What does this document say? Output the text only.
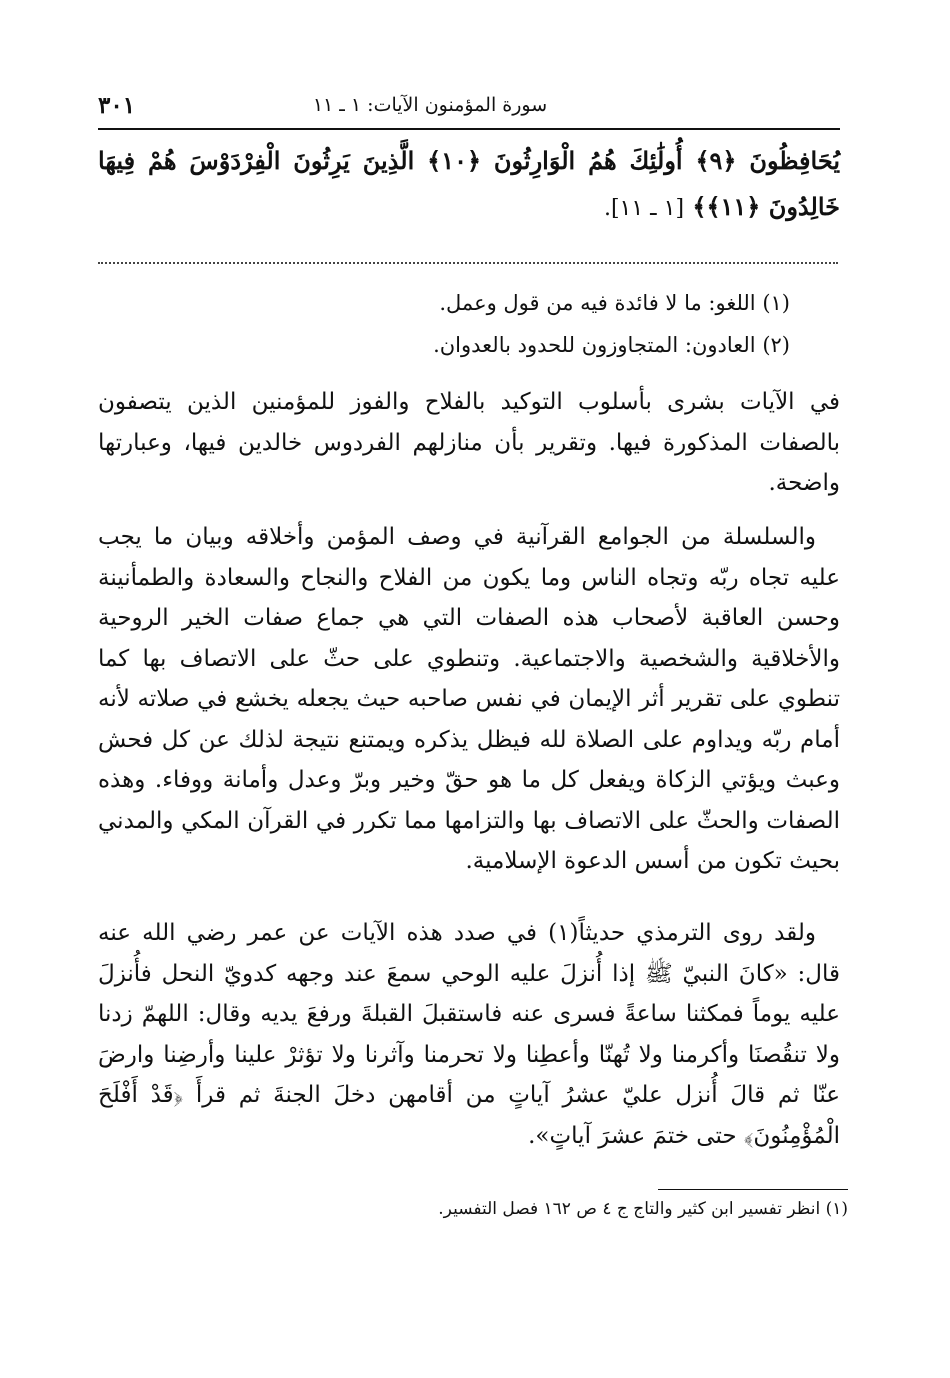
سورة المؤمنون الآيات: ١ ـ ١١
٣٠١
يُحَافِظُونَ ﴿٩﴾ أُولَٰئِكَ هُمُ الْوَارِثُونَ ﴿١٠﴾ الَّذِينَ يَرِثُونَ الْفِرْدَوْسَ هُمْ فِيهَا خَالِدُونَ ﴿١١﴾﴾ [١ ـ ١١].
(١) اللغو: ما لا فائدة فيه من قول وعمل.
(٢) العادون: المتجاوزون للحدود بالعدوان.
في الآيات بشرى بأسلوب التوكيد بالفلاح والفوز للمؤمنين الذين يتصفون بالصفات المذكورة فيها. وتقرير بأن منازلهم الفردوس خالدين فيها، وعبارتها واضحة.
والسلسلة من الجوامع القرآنية في وصف المؤمن وأخلاقه وبيان ما يجب عليه تجاه ربّه وتجاه الناس وما يكون من الفلاح والنجاح والسعادة والطمأنينة وحسن العاقبة لأصحاب هذه الصفات التي هي جماع صفات الخير الروحية والأخلاقية والشخصية والاجتماعية. وتنطوي على حثّ على الاتصاف بها كما تنطوي على تقرير أثر الإيمان في نفس صاحبه حيث يجعله يخشع في صلاته لأنه أمام ربّه ويداوم على الصلاة لله فيظل يذكره ويمتنع نتيجة لذلك عن كل فحش وعبث ويؤتي الزكاة ويفعل كل ما هو حقّ وخير وبرّ وعدل وأمانة ووفاء. وهذه الصفات والحثّ على الاتصاف بها والتزامها مما تكرر في القرآن المكي والمدني بحيث تكون من أسس الدعوة الإسلامية.
ولقد روى الترمذي حديثاً(١) في صدد هذه الآيات عن عمر رضي الله عنه قال: «كانَ النبيّ ﷺ إذا أُنزلَ عليه الوحي سمعَ عند وجهه كدويّ النحل فأُنزلَ عليه يوماً فمكثنا ساعةً فسرى عنه فاستقبلَ القبلةَ ورفعَ يديه وقال: اللهمّ زدنا ولا تنقُصنَا وأكرمنا ولا تُهنّا وأعطِنا ولا تحرمنا وآثرنا ولا تؤثرْ علينا وأرضِنا وارضَ عنّا ثم قالَ أُنزل عليّ عشرُ آياتٍ من أقامهن دخلَ الجنةَ ثم قرأَ ﴿قَدْ أَفْلَحَ الْمُؤْمِنُونَ﴾ حتى ختمَ عشرَ آياتٍ».
(١) انظر تفسير ابن كثير والتاج ج ٤ ص ١٦٢ فصل التفسير.
